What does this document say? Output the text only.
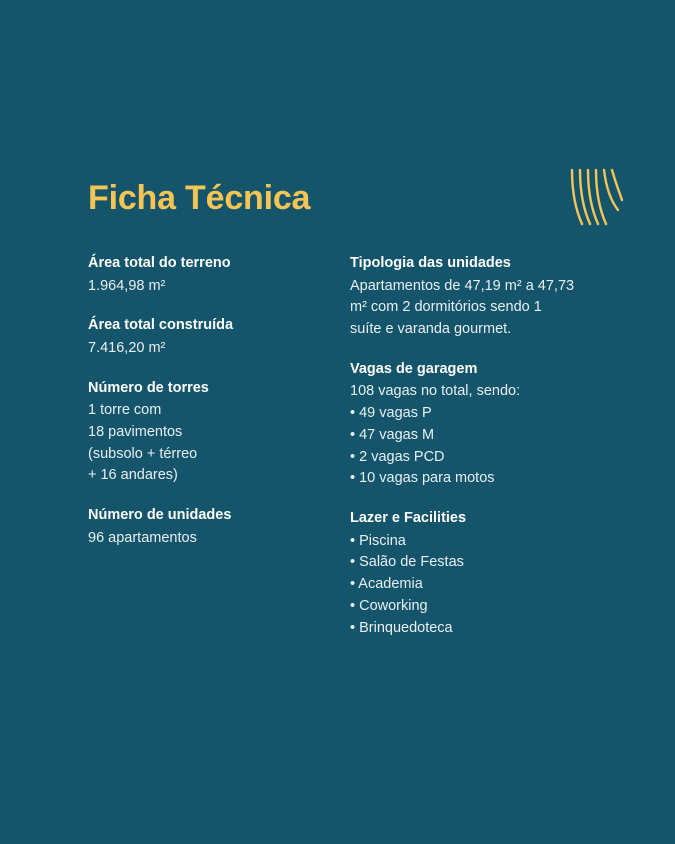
Ficha Técnica

Área total do terreno

1.964,98 m²

Área total construída

7.416,20 m²

Número de torres

1 torre com

18 pavimentos

(subsolo + térreo

+ 16 andares)

Número de unidades

96 apartamentos

Tipologia das unidades

Apartamentos de 47,19 m² a 47,73

m² com 2 dormitórios sendo 1

suíte e varanda gourmet.

Vagas de garagem

108 vagas no total, sendo:

• 49 vagas P

• 47 vagas M

• 2 vagas PCD

• 10 vagas para motos

Lazer e Facilities

• Piscina

• Salão de Festas

• Academia

• Coworking

• Brinquedoteca
